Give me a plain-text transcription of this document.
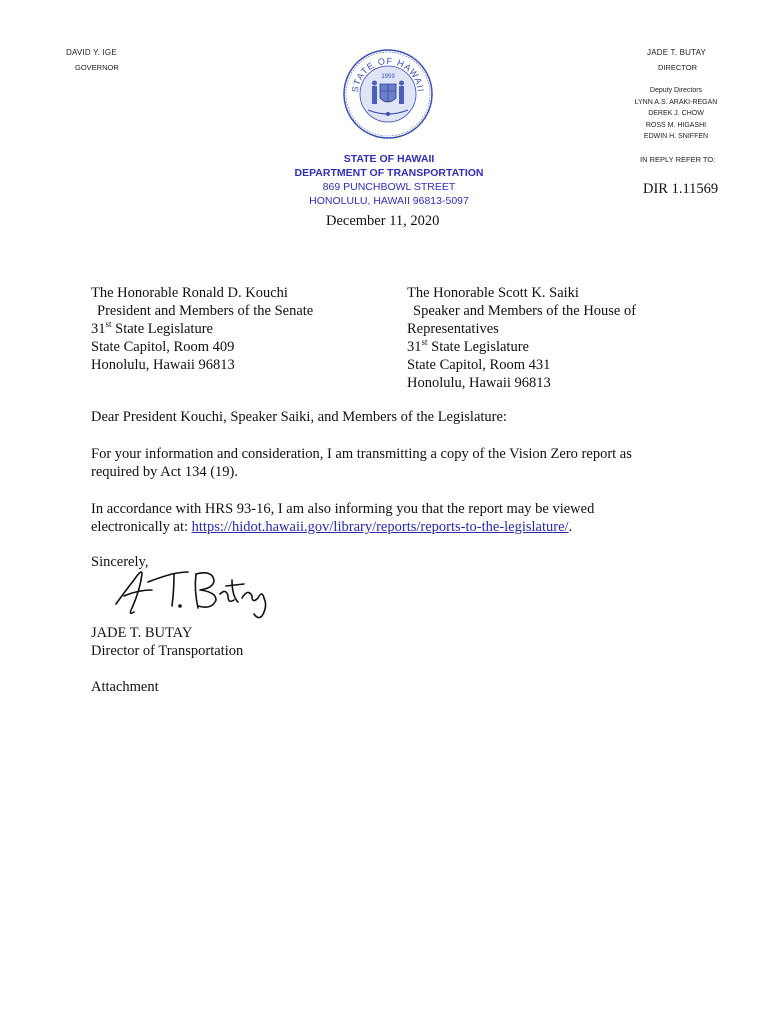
DAVID Y. IGE
GOVERNOR
STATE OF HAWAII
1959
JADE T. BUTAY
DIRECTOR
Deputy Directors
LYNN A.S. ARAKI-REGAN
DEREK J. CHOW
ROSS M. HIGASHI
EDWIN H. SNIFFEN
IN REPLY REFER TO:
DIR 1.11569
STATE OF HAWAII
DEPARTMENT OF TRANSPORTATION
869 PUNCHBOWL STREET
HONOLULU, HAWAII 96813-5097
December 11, 2020
The Honorable Ronald D. Kouchi
President and Members of the Senate
31st State Legislature
State Capitol, Room 409
Honolulu, Hawaii 96813
The Honorable Scott K. Saiki
Speaker and Members of the House of
Representatives
31st State Legislature
State Capitol, Room 431
Honolulu, Hawaii 96813
Dear President Kouchi, Speaker Saiki, and Members of the Legislature:
For your information and consideration, I am transmitting a copy of the Vision Zero report as
required by Act 134 (19).
In accordance with HRS 93-16, I am also informing you that the report may be viewed
electronically at: https://hidot.hawaii.gov/library/reports/reports-to-the-legislature/.
Sincerely,
JADE T. BUTAY
Director of Transportation
Attachment
